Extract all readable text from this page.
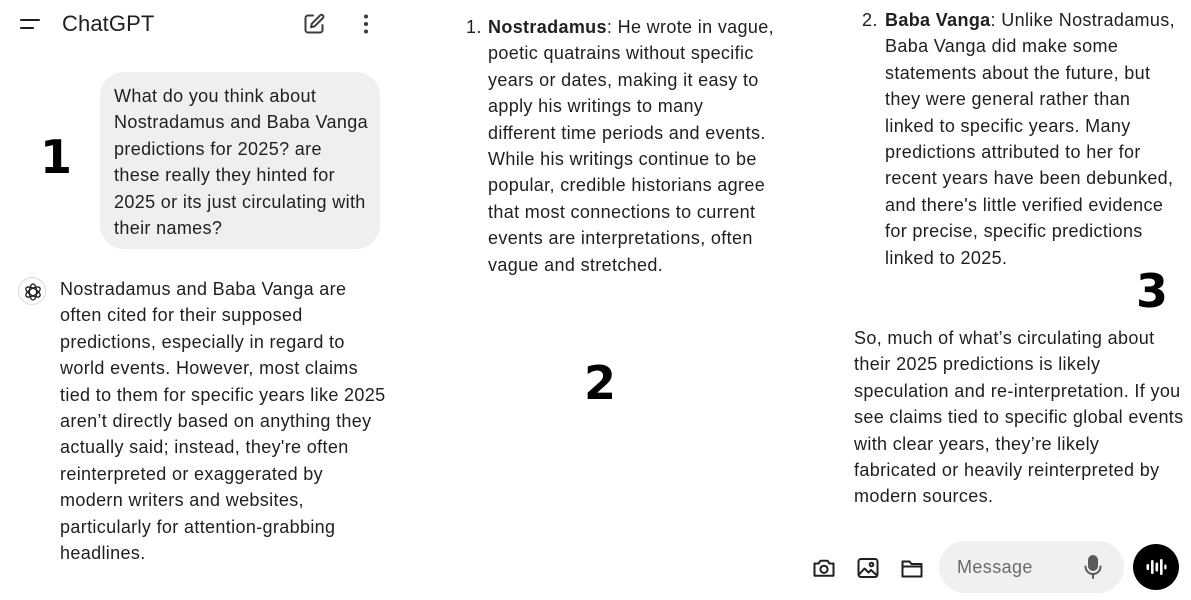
ChatGPT
What do you think about Nostradamus and Baba Vanga predictions for 2025? are these really they hinted for 2025 or its just circulating with their names?
Nostradamus and Baba Vanga are often cited for their supposed predictions, especially in regard to world events. However, most claims tied to them for specific years like 2025 aren’t directly based on anything they actually said; instead, they're often reinterpreted or exaggerated by modern writers and websites, particularly for attention-grabbing headlines.
1. Nostradamus: He wrote in vague, poetic quatrains without specific years or dates, making it easy to apply his writings to many different time periods and events. While his writings continue to be popular, credible historians agree that most connections to current events are interpretations, often vague and stretched.
2. Baba Vanga: Unlike Nostradamus, Baba Vanga did make some statements about the future, but they were general rather than linked to specific years. Many predictions attributed to her for recent years have been debunked, and there's little verified evidence for precise, specific predictions linked to 2025.
So, much of what’s circulating about their 2025 predictions is likely speculation and re-interpretation. If you see claims tied to specific global events with clear years, they’re likely fabricated or heavily reinterpreted by modern sources.
Message
1
2
3
